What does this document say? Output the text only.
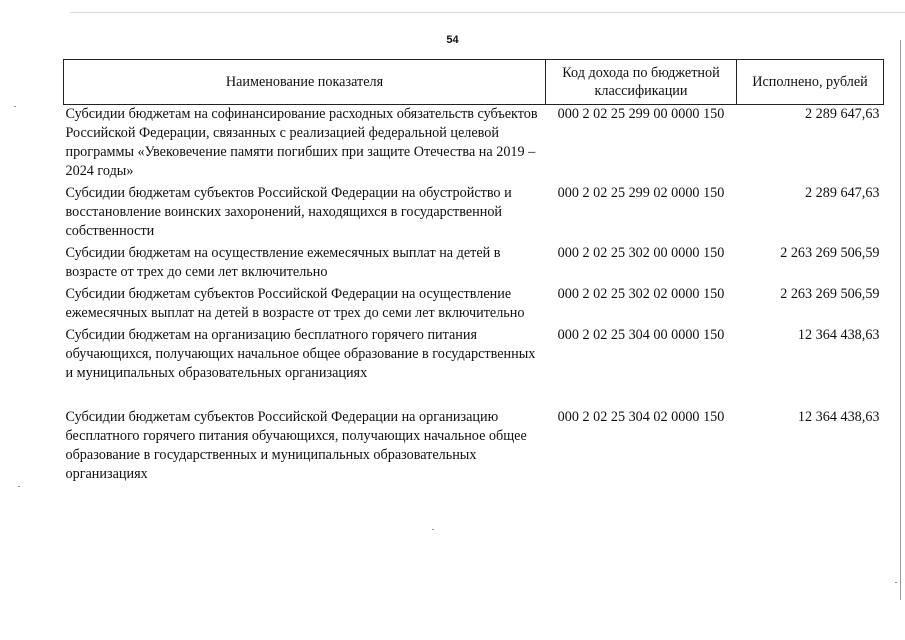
54
Наименование показателя	Код дохода по бюджетной классификации	Исполнено, рублей
Субсидии бюджетам на софинансирование расходных обязательств субъектов Российской Федерации, связанных с реализацией федеральной целевой программы «Увековечение памяти погибших при защите Отечества на 2019 – 2024 годы»	000 2 02 25 299 00 0000 150	2 289 647,63
Субсидии бюджетам субъектов Российской Федерации на обустройство и восстановление воинских захоронений, находящихся в государственной собственности	000 2 02 25 299 02 0000 150	2 289 647,63
Субсидии бюджетам на осуществление ежемесячных выплат на детей в возрасте от трех до семи лет включительно	000 2 02 25 302 00 0000 150	2 263 269 506,59
Субсидии бюджетам субъектов Российской Федерации на осуществление ежемесячных выплат на детей в возрасте от трех до семи лет включительно	000 2 02 25 302 02 0000 150	2 263 269 506,59
Субсидии бюджетам на организацию бесплатного горячего питания обучающихся, получающих начальное общее образование в государственных и муниципальных образовательных организациях	000 2 02 25 304 00 0000 150	12 364 438,63

Субсидии бюджетам субъектов Российской Федерации на организацию бесплатного горячего питания обучающихся, получающих начальное общее образование в государственных и муниципальных образовательных организациях	000 2 02 25 304 02 0000 150	12 364 438,63
